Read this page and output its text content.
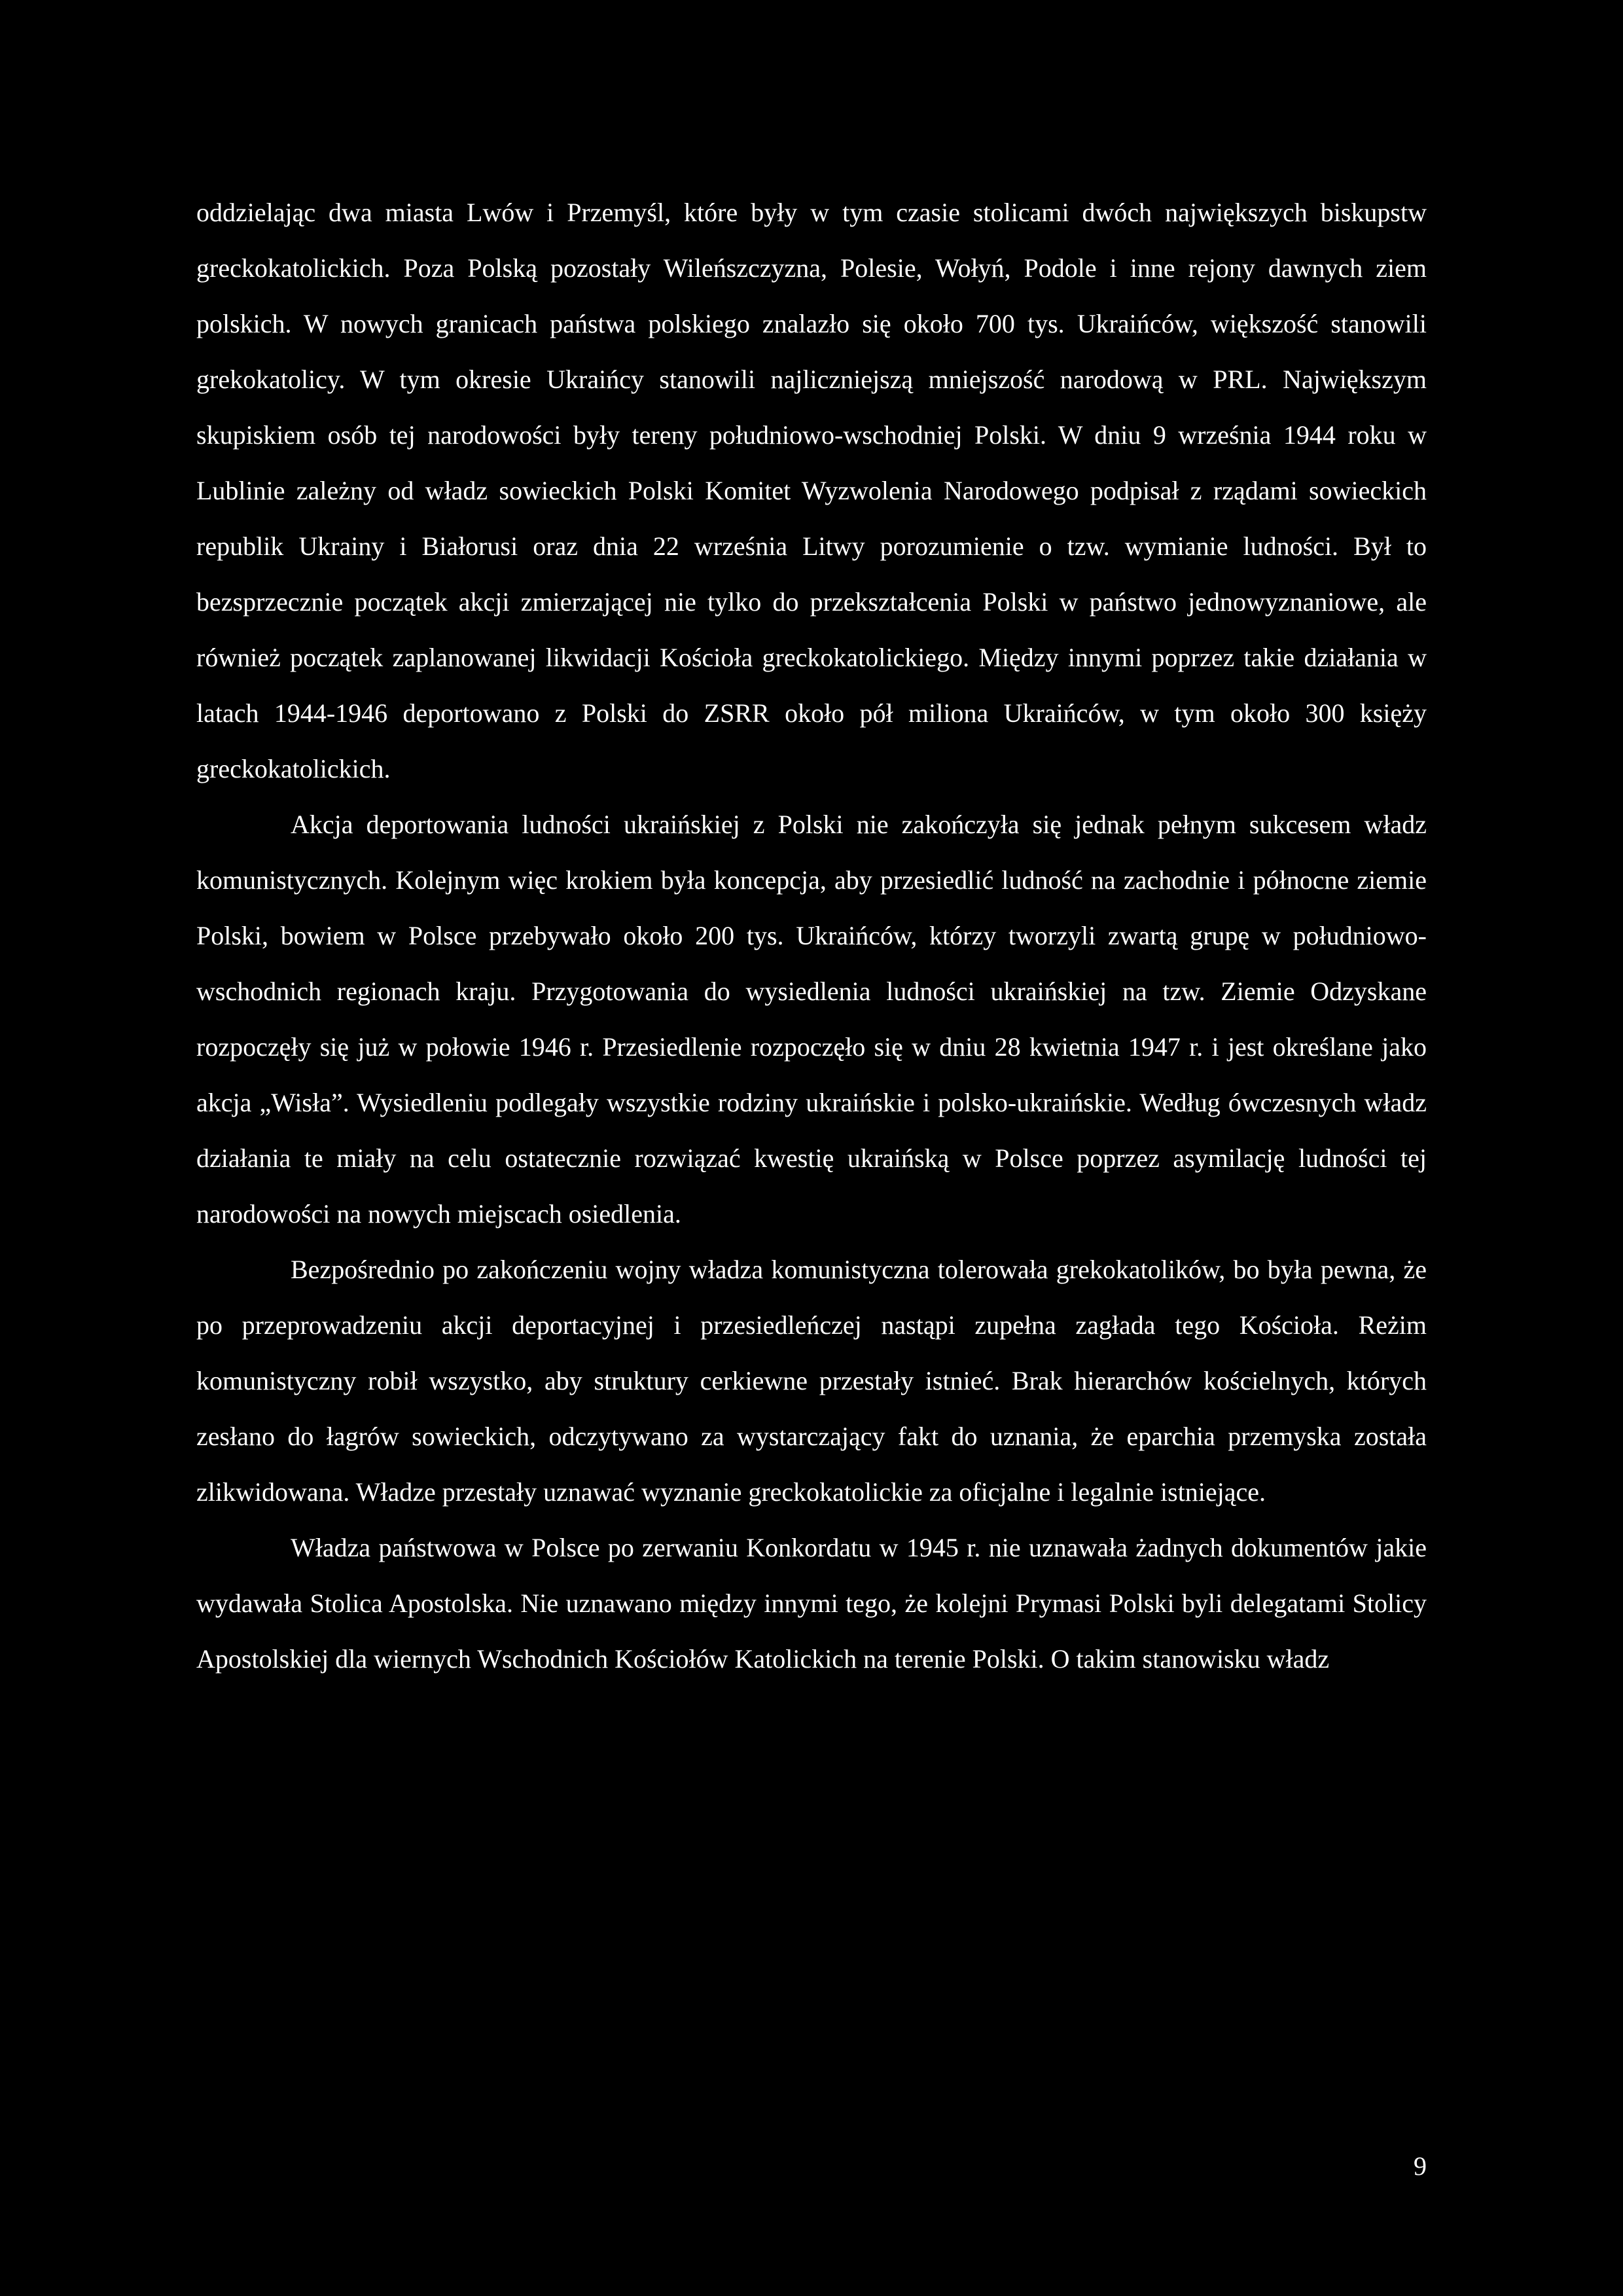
oddzielając dwa miasta Lwów i Przemyśl, które były w tym czasie stolicami dwóch największych biskupstw greckokatolickich. Poza Polską pozostały Wileńszczyzna, Polesie, Wołyń, Podole i inne rejony dawnych ziem polskich. W nowych granicach państwa polskiego znalazło się około 700 tys. Ukraińców, większość stanowili grekokatolicy. W tym okresie Ukraińcy stanowili najliczniejszą mniejszość narodową w PRL. Największym skupiskiem osób tej narodowości były tereny południowo-wschodniej Polski. W dniu 9 września 1944 roku w Lublinie zależny od władz sowieckich Polski Komitet Wyzwolenia Narodowego podpisał z rządami sowieckich republik Ukrainy i Białorusi oraz dnia 22 września Litwy porozumienie o tzw. wymianie ludności. Był to bezsprzecznie początek akcji zmierzającej nie tylko do przekształcenia Polski w państwo jednowyznaniowe, ale również początek zaplanowanej likwidacji Kościoła greckokatolickiego. Między innymi poprzez takie działania w latach 1944-1946 deportowano z Polski do ZSRR około pół miliona Ukraińców, w tym około 300 księży greckokatolickich.

Akcja deportowania ludności ukraińskiej z Polski nie zakończyła się jednak pełnym sukcesem władz komunistycznych. Kolejnym więc krokiem była koncepcja, aby przesiedlić ludność na zachodnie i północne ziemie Polski, bowiem w Polsce przebywało około 200 tys. Ukraińców, którzy tworzyli zwartą grupę w południowo-wschodnich regionach kraju. Przygotowania do wysiedlenia ludności ukraińskiej na tzw. Ziemie Odzyskane rozpoczęły się już w połowie 1946 r. Przesiedlenie rozpoczęło się w dniu 28 kwietnia 1947 r. i jest określane jako akcja „Wisła”. Wysiedleniu podlegały wszystkie rodziny ukraińskie i polsko-ukraińskie. Według ówczesnych władz działania te miały na celu ostatecznie rozwiązać kwestię ukraińską w Polsce poprzez asymilację ludności tej narodowości na nowych miejscach osiedlenia.

Bezpośrednio po zakończeniu wojny władza komunistyczna tolerowała grekokatolików, bo była pewna, że po przeprowadzeniu akcji deportacyjnej i przesiedleńczej nastąpi zupełna zagłada tego Kościoła. Reżim komunistyczny robił wszystko, aby struktury cerkiewne przestały istnieć. Brak hierarchów kościelnych, których zesłano do łagrów sowieckich, odczytywano za wystarczający fakt do uznania, że eparchia przemyska została zlikwidowana. Władze przestały uznawać wyznanie greckokatolickie za oficjalne i legalnie istniejące.

Władza państwowa w Polsce po zerwaniu Konkordatu w 1945 r. nie uznawała żadnych dokumentów jakie wydawała Stolica Apostolska. Nie uznawano między innymi tego, że kolejni Prymasi Polski byli delegatami Stolicy Apostolskiej dla wiernych Wschodnich Kościołów Katolickich na terenie Polski. O takim stanowisku władz

9
